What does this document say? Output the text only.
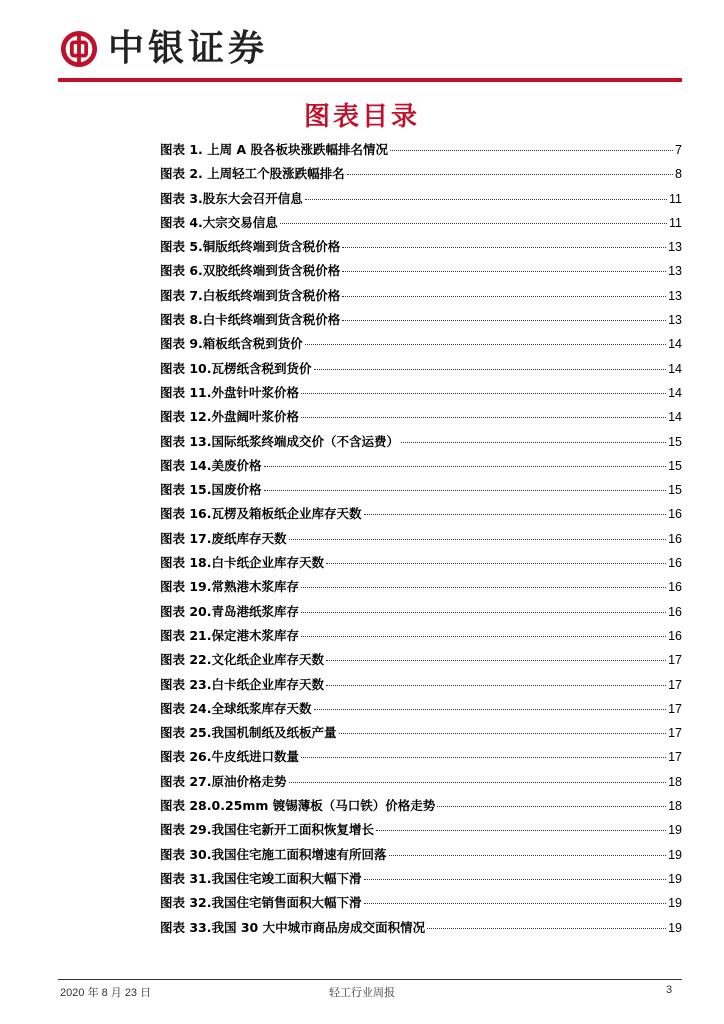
中银证券
图表目录
图表 1. 上周 A 股各板块涨跌幅排名情况	7
图表 2. 上周轻工个股涨跌幅排名	8
图表 3.股东大会召开信息	11
图表 4.大宗交易信息	11
图表 5.铜版纸终端到货含税价格	13
图表 6.双胶纸终端到货含税价格	13
图表 7.白板纸终端到货含税价格	13
图表 8.白卡纸终端到货含税价格	13
图表 9.箱板纸含税到货价	14
图表 10.瓦楞纸含税到货价	14
图表 11.外盘针叶浆价格	14
图表 12.外盘阔叶浆价格	14
图表 13.国际纸浆终端成交价（不含运费）	15
图表 14.美废价格	15
图表 15.国废价格	15
图表 16.瓦楞及箱板纸企业库存天数	16
图表 17.废纸库存天数	16
图表 18.白卡纸企业库存天数	16
图表 19.常熟港木浆库存	16
图表 20.青岛港纸浆库存	16
图表 21.保定港木浆库存	16
图表 22.文化纸企业库存天数	17
图表 23.白卡纸企业库存天数	17
图表 24.全球纸浆库存天数	17
图表 25.我国机制纸及纸板产量	17
图表 26.牛皮纸进口数量	17
图表 27.原油价格走势	18
图表 28.0.25mm 镀锡薄板（马口铁）价格走势	18
图表 29.我国住宅新开工面积恢复增长	19
图表 30.我国住宅施工面积增速有所回落	19
图表 31.我国住宅竣工面积大幅下滑	19
图表 32.我国住宅销售面积大幅下滑	19
图表 33.我国 30 大中城市商品房成交面积情况	19
2020 年 8 月 23 日	轻工行业周报	3
